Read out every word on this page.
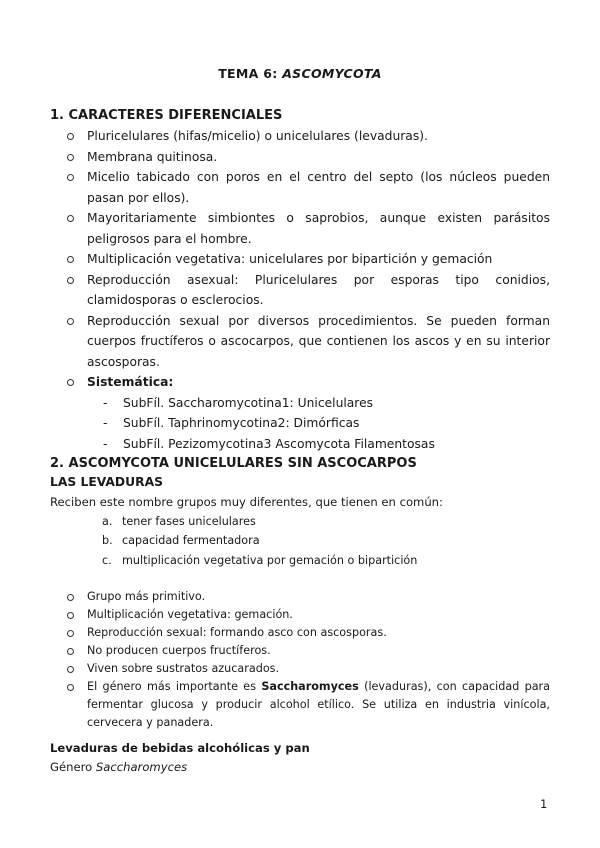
TEMA 6: ASCOMYCOTA
1. CARACTERES DIFERENCIALES
Pluricelulares (hifas/micelio) o unicelulares (levaduras).
Membrana quitinosa.
Micelio tabicado con poros en el centro del septo (los núcleos pueden pasan por ellos).
Mayoritariamente simbiontes o saprobios, aunque existen parásitos peligrosos para el hombre.
Multiplicación vegetativa: unicelulares por bipartición y gemación
Reproducción asexual: Pluricelulares por esporas tipo conidios, clamidosporas o esclerocios.
Reproducción sexual por diversos procedimientos. Se pueden forman cuerpos fructíferos o ascocarpos, que contienen los ascos y en su interior ascosporas.
Sistemática:
- SubFíl. Saccharomycotina1: Unicelulares
- SubFíl. Taphrinomycotina2: Dimórficas
- SubFíl. Pezizomycotina3 Ascomycota Filamentosas
2. ASCOMYCOTA UNICELULARES SIN ASCOCARPOS
LAS LEVADURAS
Reciben este nombre grupos muy diferentes, que tienen en común:
a. tener fases unicelulares
b. capacidad fermentadora
c. multiplicación vegetativa por gemación o bipartición
Grupo más primitivo.
Multiplicación vegetativa: gemación.
Reproducción sexual: formando asco con ascosporas.
No producen cuerpos fructíferos.
Viven sobre sustratos azucarados.
El género más importante es Saccharomyces (levaduras), con capacidad para fermentar glucosa y producir alcohol etílico. Se utiliza en industria vinícola, cervecera y panadera.
Levaduras de bebidas alcohólicas y pan
Género Saccharomyces
1
